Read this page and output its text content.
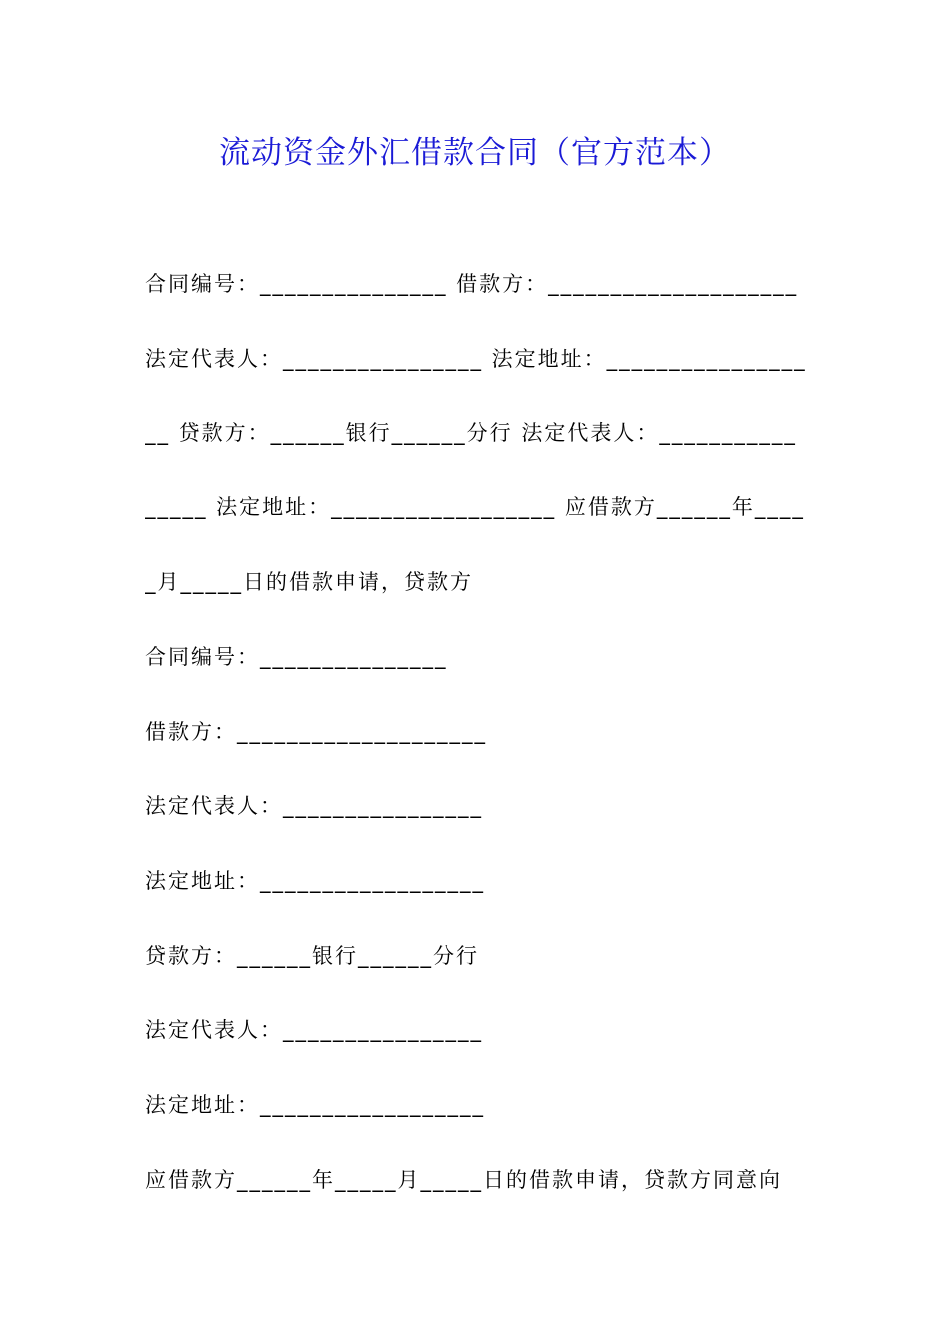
流动资金外汇借款合同（官方范本）
合同编号：_______________ 借款方：____________________
法定代表人：________________ 法定地址：________________
__ 贷款方：______银行______分行 法定代表人：___________
_____ 法定地址：__________________ 应借款方______年____
_月_____日的借款申请，贷款方
合同编号：_______________
借款方：____________________
法定代表人：________________
法定地址：__________________
贷款方：______银行______分行
法定代表人：________________
法定地址：__________________
应借款方______年_____月_____日的借款申请，贷款方同意向
